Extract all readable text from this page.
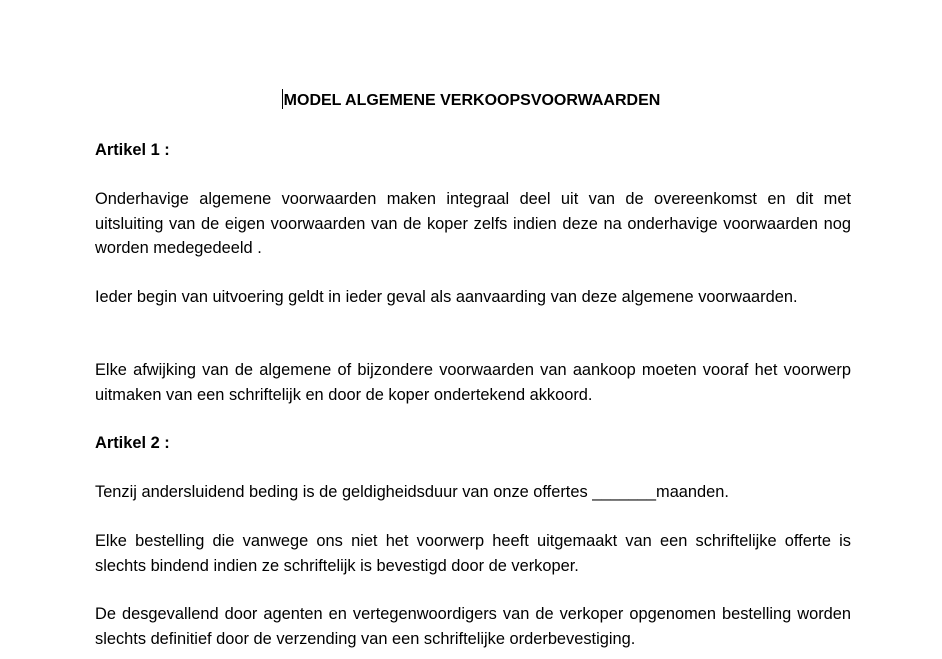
MODEL ALGEMENE VERKOOPSVOORWAARDEN
Artikel 1 :
Onderhavige algemene voorwaarden maken integraal deel uit van de overeenkomst en dit met uitsluiting van de eigen voorwaarden van de koper zelfs indien deze na onderhavige voorwaarden nog worden medegedeeld .
Ieder begin van uitvoering geldt in ieder geval als aanvaarding van deze algemene voorwaarden.
Elke afwijking van de algemene of bijzondere voorwaarden van aankoop moeten vooraf het voorwerp uitmaken van een schriftelijk en door de koper ondertekend akkoord.
Artikel 2 :
Tenzij andersluidend beding is de geldigheidsduur van onze offertes _______maanden.
Elke bestelling die vanwege ons niet het voorwerp heeft uitgemaakt van een schriftelijke offerte is slechts bindend indien ze schriftelijk is bevestigd door de verkoper.
De desgevallend door agenten en vertegenwoordigers van de verkoper opgenomen bestelling worden slechts definitief door de verzending van een schriftelijke orderbevestiging.
